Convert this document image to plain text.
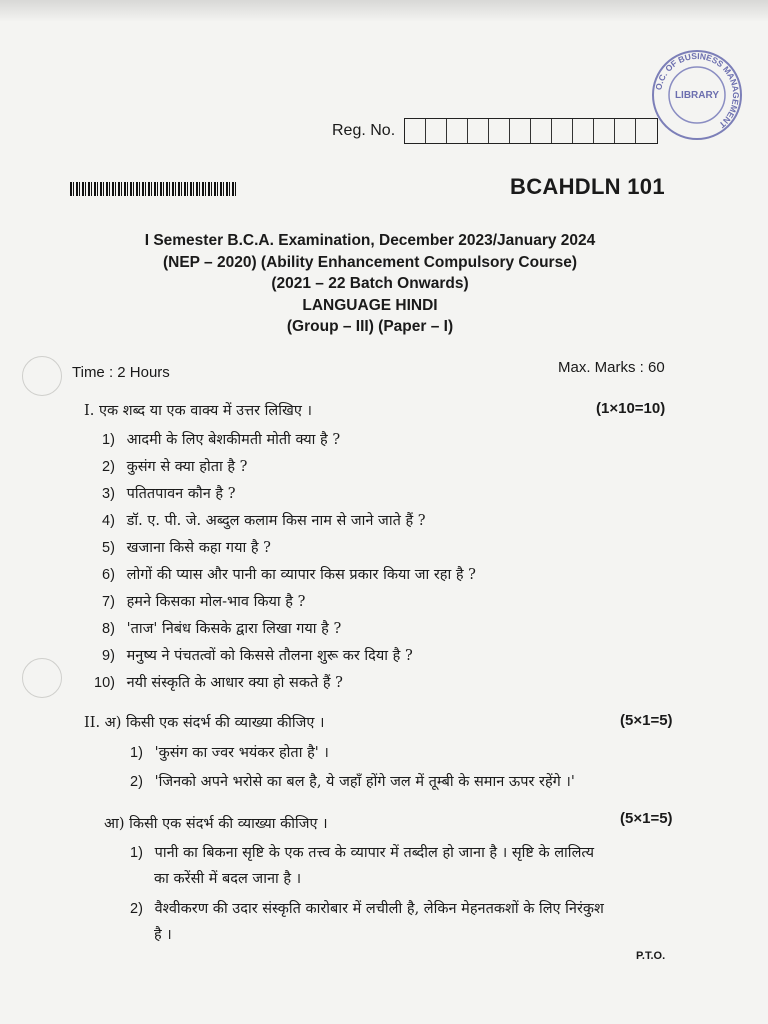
Reg. No.
O.C. OF BUSINESS MANAGEMENT
LIBRARY
BCAHDLN 101
I Semester B.C.A. Examination, December 2023/January 2024
(NEP – 2020) (Ability Enhancement Compulsory Course)
(2021 – 22 Batch Onwards)
LANGUAGE HINDI
(Group – III) (Paper – I)
Time : 2 Hours	Max. Marks : 60
I. एक शब्द या एक वाक्य में उत्तर लिखिए ।	(1×10=10)
1) आदमी के लिए बेशकीमती मोती क्या है ?
2) कुसंग से क्या होता है ?
3) पतितपावन कौन है ?
4) डॉ. ए. पी. जे. अब्दुल कलाम किस नाम से जाने जाते हैं ?
5) खजाना किसे कहा गया है ?
6) लोगों की प्यास और पानी का व्यापार किस प्रकार किया जा रहा है ?
7) हमने किसका मोल-भाव किया है ?
8) 'ताज' निबंध किसके द्वारा लिखा गया है ?
9) मनुष्य ने पंचतत्वों को किससे तौलना शुरू कर दिया है ?
10) नयी संस्कृति के आधार क्या हो सकते हैं ?
II. अ) किसी एक संदर्भ की व्याख्या कीजिए ।	(5×1=5)
1) 'कुसंग का ज्वर भयंकर होता है' ।
2) 'जिनको अपने भरोसे का बल है, ये जहाँ होंगे जल में तूम्बी के समान ऊपर रहेंगे ।'
आ) किसी एक संदर्भ की व्याख्या कीजिए ।	(5×1=5)
1) पानी का बिकना सृष्टि के एक तत्त्व के व्यापार में तब्दील हो जाना है । सृष्टि के लालित्य
का करेंसी में बदल जाना है ।
2) वैश्वीकरण की उदार संस्कृति कारोबार में लचीली है, लेकिन मेहनतकशों के लिए निरंकुश
है ।
P.T.O.
